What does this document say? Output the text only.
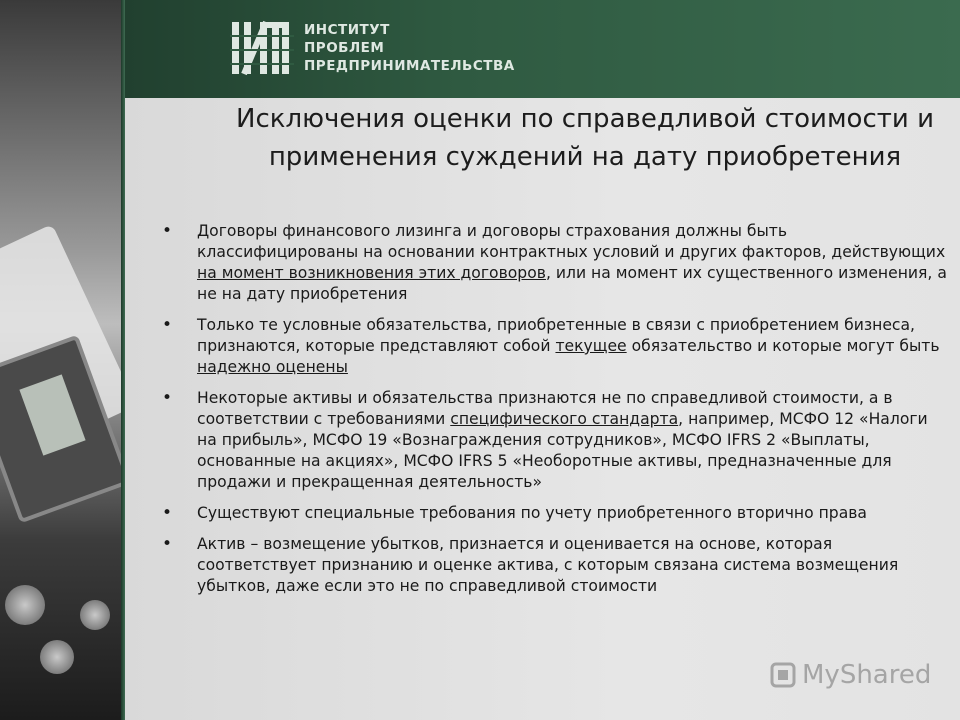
ИНСТИТУТ
ПРОБЛЕМ
ПРЕДПРИНИМАТЕЛЬСТВА
Исключения оценки по справедливой стоимости и применения суждений на дату приобретения
• Договоры финансового лизинга и договоры страхования должны быть классифицированы на основании контрактных условий и других факторов, действующих на момент возникновения этих договоров, или на момент их существенного изменения, а не на дату приобретения
• Только те условные обязательства, приобретенные в связи с приобретением бизнеса, признаются, которые представляют собой текущее обязательство и которые могут быть надежно оценены
• Некоторые активы и обязательства признаются не по справедливой стоимости, а в соответствии с требованиями специфического стандарта, например, МСФО 12 «Налоги на прибыль», МСФО 19 «Вознаграждения сотрудников», МСФО IFRS 2 «Выплаты, основанные на акциях», МСФО IFRS 5 «Необоротные активы, предназначенные для продажи и прекращенная деятельность»
• Существуют специальные требования по учету приобретенного вторично права
• Актив – возмещение убытков, признается и оценивается на основе, которая соответствует признанию и оценке актива, с которым связана система возмещения убытков, даже если это не по справедливой стоимости
MyShared
